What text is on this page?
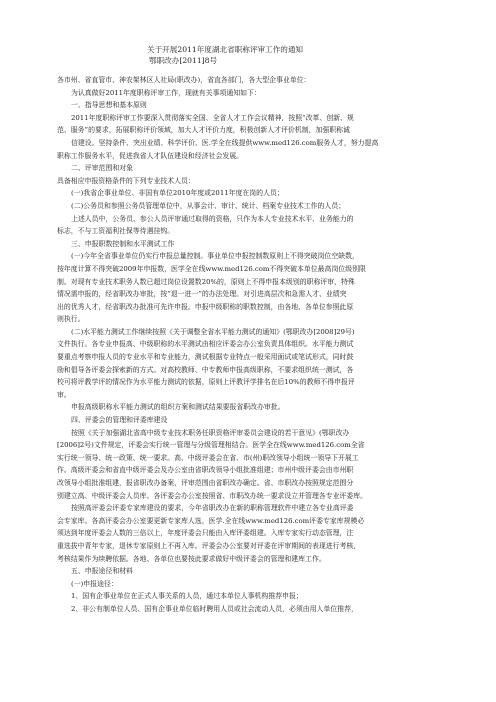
关于开展2011年度湖北省职称评审工作的通知
鄂职改办[2011]8号
各市州、省直管市、神农架林区人社局(职改办)，省直各部门，各大型企事业单位：
为认真做好2011年度职称评审工作，现就有关事项通知如下：
一、指导思想和基本原则
2011年度职称评审工作要深入贯彻落实全国、全省人才工作会议精神，按照“改革、创新、规
范、服务”的要求，拓展职称评价领域，加大人才评价力度，积极创新人才评价机制，加强职称诚
信建设。坚持条件、突出业绩、科学评价、医.学全在线提供www.med126.com服务人才，努力提高
职称工作服务水平，促进我省人才队伍建设和经济社会发展。
二、评审范围和对象
具备相应申报资格条件的下列专业技术人员：
(一)我省企事业单位、非国有单位2010年度或2011年度在岗的人员；
(二)公务员和参照公务员管理单位中，从事会计、审计、统计、档案专业技术工作的人员；
上述人员中，公务员、参公人员评审通过取得的资格，只作为本人专业技术水平、业务能力的
标志，不与工资福利社保等待遇挂钩。
三、申报职数控制和水平测试工作
(一)今年全省事业单位仍实行申报总量控制。事业单位申报控制数原则上不得突破岗位空缺数，
按年度计算不得突破2009年申报数，医学全在线www.med126.com不得突破本单位最高岗位级别限
制。对现有专业技术职务人数已超过岗位设置数20%的，原则上不得申报本级别的职称评审，特殊
情况需申报的，经省职改办审批，按“退一进一”的办法处理。对引进高层次和急需人才、业绩突
出的优秀人才，经省职改办批准可先许申报。申报中级职称的职数控制，由各地、各单位参照此原
则执行。
(二)水平能力测试工作继续按照《关于调整全省水平能力测试的通知》(鄂职改办[2008]29号)
文件执行。各专业申报高、中级职称的水平测试由相应评委会办公室负责具体组织。水平能力测试
要重点考察申报人员的专业水平和专业能力，测试根据专业特点一般采用面试或笔试形式，同时鼓
励和倡导各评委会探索新的方式。对高校教师、中专教师申报高级职称，不要求组织统一测试，各
校可将评教学评的情况作为水平能力测试的依据，原则上评教评学排名在后10%的教师不得申报评
审。
申报高级职称水平能力测试的组织方案和测试结果要报省职改办审批。
四、评委会的管理和评委库建设
按照《关于加强湖北省高中级专业技术职务任职资格评审委员会建设的若干意见》(鄂职改办
[2006]2号)文件规定，评委会实行统一管理与分级管理相结合。医学全在线www.med126.com全省
实行统一领导、统一政策、统一要求。高、中级评委会在省、市(州)职改领导小组统一领导下开展工
作。高级评委会和省直中级评委会及办公室由省职改领导小组批准组建；市州中级评委会由市州职
改领导小组批准组建，报省职改办备案，评审范围由省职改办确定。省、市职改办按照规定范围分
别建立高、中级评委会人员库。各评委会办公室按照省、市职改办统一要求设立并管理各专业评委库。
按照高评委会评委专家库建设的要求，今年省职改办在新的职称管理软件中建立各专业高评委
会专家库。各高评委会办公室要更新专家库人选，医学.全在线www.med126.com评委专家库规模必
须达到年度评委会人数的三倍以上，年度评委会只能由入库评委组建。入库专家实行动态管理，注
重选拔中青年专家，退休专家原则上不再入库。评委会办公室要对评委在评审期间的表现进行考核，
考核结果作为续聘依据。各地、各单位也要按此要求做好中级评委会的管理和建库工作。
五、申报途径和材料
(一)申报途径：
1、国有企事业单位在正式人事关系的人员，通过本单位人事机构推荐申报；
2、非公有制单位人员、国有企事业单位临时聘用人员或社会流动人员，必须由用人单位推荐，
